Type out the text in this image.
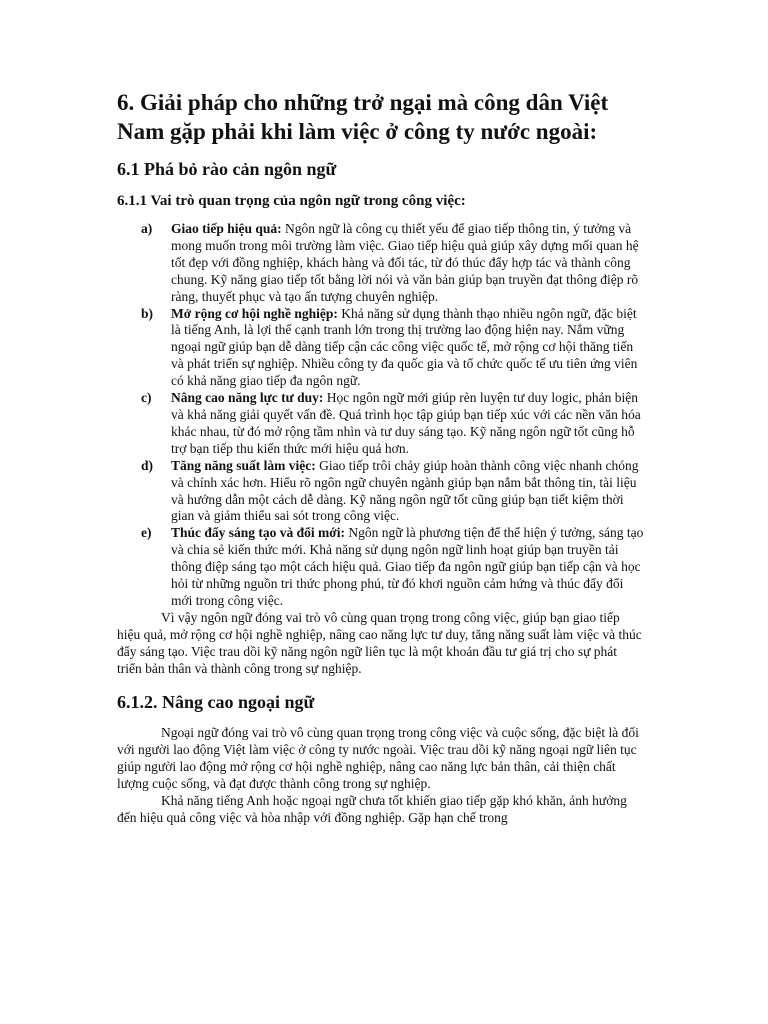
6. Giải pháp cho những trở ngại mà công dân Việt Nam gặp phải khi làm việc ở công ty nước ngoài:
6.1 Phá bỏ rào cản ngôn ngữ
6.1.1 Vai trò quan trọng của ngôn ngữ trong công việc:
a) Giao tiếp hiệu quả: Ngôn ngữ là công cụ thiết yếu để giao tiếp thông tin, ý tưởng và mong muốn trong môi trường làm việc. Giao tiếp hiệu quả giúp xây dựng mối quan hệ tốt đẹp với đồng nghiệp, khách hàng và đối tác, từ đó thúc đẩy hợp tác và thành công chung. Kỹ năng giao tiếp tốt bằng lời nói và văn bản giúp bạn truyền đạt thông điệp rõ ràng, thuyết phục và tạo ấn tượng chuyên nghiệp.
b) Mở rộng cơ hội nghề nghiệp: Khả năng sử dụng thành thạo nhiều ngôn ngữ, đặc biệt là tiếng Anh, là lợi thế cạnh tranh lớn trong thị trường lao động hiện nay. Nắm vững ngoại ngữ giúp bạn dễ dàng tiếp cận các công việc quốc tế, mở rộng cơ hội thăng tiến và phát triển sự nghiệp. Nhiều công ty đa quốc gia và tổ chức quốc tế ưu tiên ứng viên có khả năng giao tiếp đa ngôn ngữ.
c) Nâng cao năng lực tư duy: Học ngôn ngữ mới giúp rèn luyện tư duy logic, phản biện và khả năng giải quyết vấn đề. Quá trình học tập giúp bạn tiếp xúc với các nền văn hóa khác nhau, từ đó mở rộng tầm nhìn và tư duy sáng tạo. Kỹ năng ngôn ngữ tốt cũng hỗ trợ bạn tiếp thu kiến thức mới hiệu quả hơn.
d) Tăng năng suất làm việc: Giao tiếp trôi chảy giúp hoàn thành công việc nhanh chóng và chính xác hơn. Hiểu rõ ngôn ngữ chuyên ngành giúp bạn nắm bắt thông tin, tài liệu và hướng dẫn một cách dễ dàng. Kỹ năng ngôn ngữ tốt cũng giúp bạn tiết kiệm thời gian và giảm thiểu sai sót trong công việc.
e) Thúc đẩy sáng tạo và đổi mới: Ngôn ngữ là phương tiện để thể hiện ý tưởng, sáng tạo và chia sẻ kiến thức mới. Khả năng sử dụng ngôn ngữ linh hoạt giúp bạn truyền tải thông điệp sáng tạo một cách hiệu quả. Giao tiếp đa ngôn ngữ giúp bạn tiếp cận và học hỏi từ những nguồn tri thức phong phú, từ đó khơi nguồn cảm hứng và thúc đẩy đổi mới trong công việc.

Vì vậy ngôn ngữ đóng vai trò vô cùng quan trọng trong công việc, giúp bạn giao tiếp hiệu quả, mở rộng cơ hội nghề nghiệp, nâng cao năng lực tư duy, tăng năng suất làm việc và thúc đẩy sáng tạo. Việc trau dồi kỹ năng ngôn ngữ liên tục là một khoản đầu tư giá trị cho sự phát triển bản thân và thành công trong sự nghiệp.

6.1.2. Nâng cao ngoại ngữ

Ngoại ngữ đóng vai trò vô cùng quan trọng trong công việc và cuộc sống, đặc biệt là đối với người lao động Việt làm việc ở công ty nước ngoài. Việc trau dồi kỹ năng ngoại ngữ liên tục giúp người lao động mở rộng cơ hội nghề nghiệp, nâng cao năng lực bản thân, cải thiện chất lượng cuộc sống, và đạt được thành công trong sự nghiệp.

Khả năng tiếng Anh hoặc ngoại ngữ chưa tốt khiến giao tiếp gặp khó khăn, ảnh hưởng đến hiệu quả công việc và hòa nhập với đồng nghiệp. Gặp hạn chế trong
